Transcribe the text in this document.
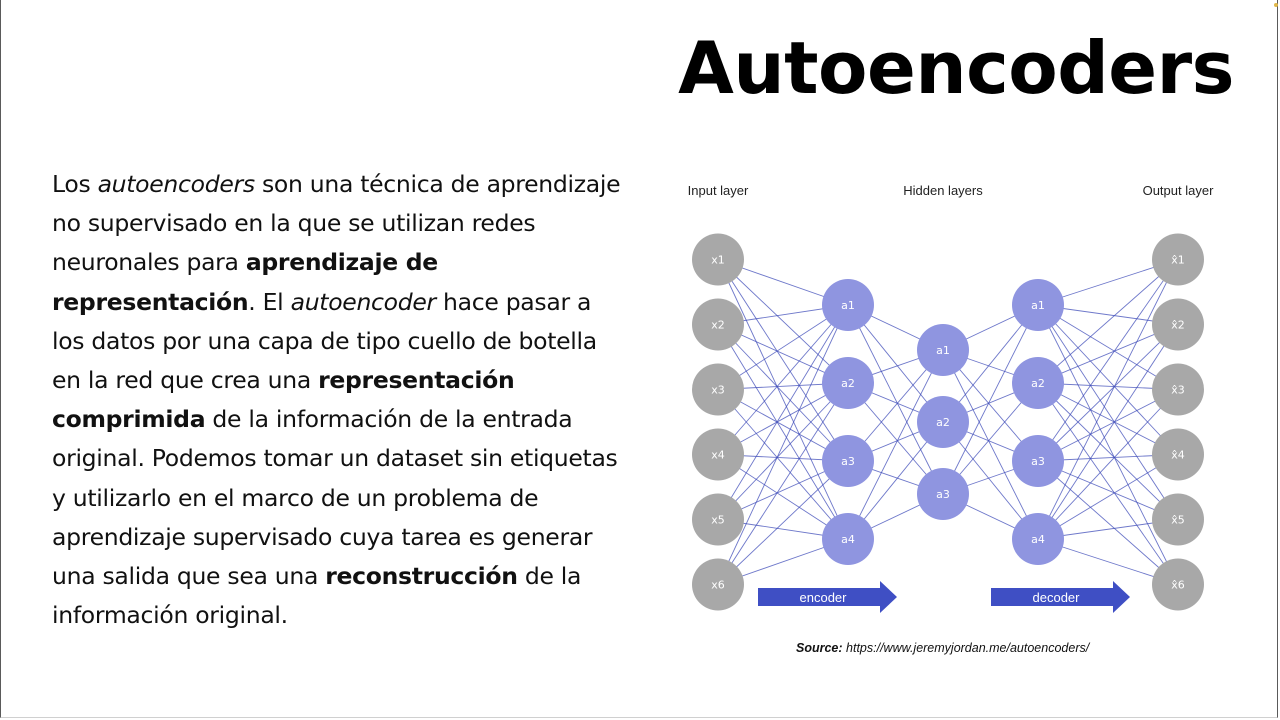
Autoencoders
Los autoencoders son una técnica de aprendizaje no supervisado en la que se utilizan redes neuronales para aprendizaje de representación. El autoencoder hace pasar a los datos por una capa de tipo cuello de botella en la red que crea una representación comprimida de la información de la entrada original. Podemos tomar un dataset sin etiquetas y utilizarlo en el marco de un problema de aprendizaje supervisado cuya tarea es generar una salida que sea una reconstrucción de la información original.
x1
x2
x3
x4
x5
x6
a1
a2
a3
a4
a1
a2
a3
a1
a2
a3
a4
x̂1
x̂2
x̂3
x̂4
x̂5
x̂6
Input layer	Hidden layers	Output layer
encoder	decoder
Source: https://www.jeremyjordan.me/autoencoders/
